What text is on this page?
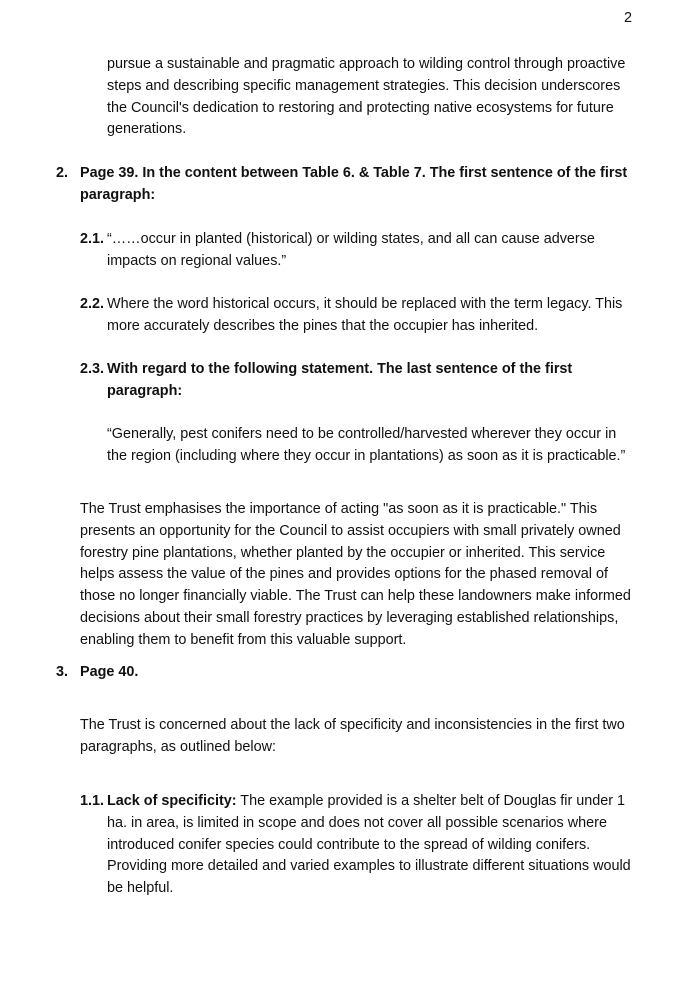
2

pursue a sustainable and pragmatic approach to wilding control through proactive steps and describing specific management strategies. This decision underscores the Council's dedication to restoring and protecting native ecosystems for future generations.

2. Page 39. In the content between Table 6. & Table 7. The first sentence of the first paragraph:

2.1. “……occur in planted (historical) or wilding states, and all can cause adverse impacts on regional values.”

2.2. Where the word historical occurs, it should be replaced with the term legacy. This more accurately describes the pines that the occupier has inherited.

2.3. With regard to the following statement. The last sentence of the first paragraph:

“Generally, pest conifers need to be controlled/harvested wherever they occur in the region (including where they occur in plantations) as soon as it is practicable.”

The Trust emphasises the importance of acting "as soon as it is practicable." This presents an opportunity for the Council to assist occupiers with small privately owned forestry pine plantations, whether planted by the occupier or inherited. This service helps assess the value of the pines and provides options for the phased removal of those no longer financially viable. The Trust can help these landowners make informed decisions about their small forestry practices by leveraging established relationships, enabling them to benefit from this valuable support.

3. Page 40.

The Trust is concerned about the lack of specificity and inconsistencies in the first two paragraphs, as outlined below:

1.1. Lack of specificity: The example provided is a shelter belt of Douglas fir under 1 ha. in area, is limited in scope and does not cover all possible scenarios where introduced conifer species could contribute to the spread of wilding conifers. Providing more detailed and varied examples to illustrate different situations would be helpful.
